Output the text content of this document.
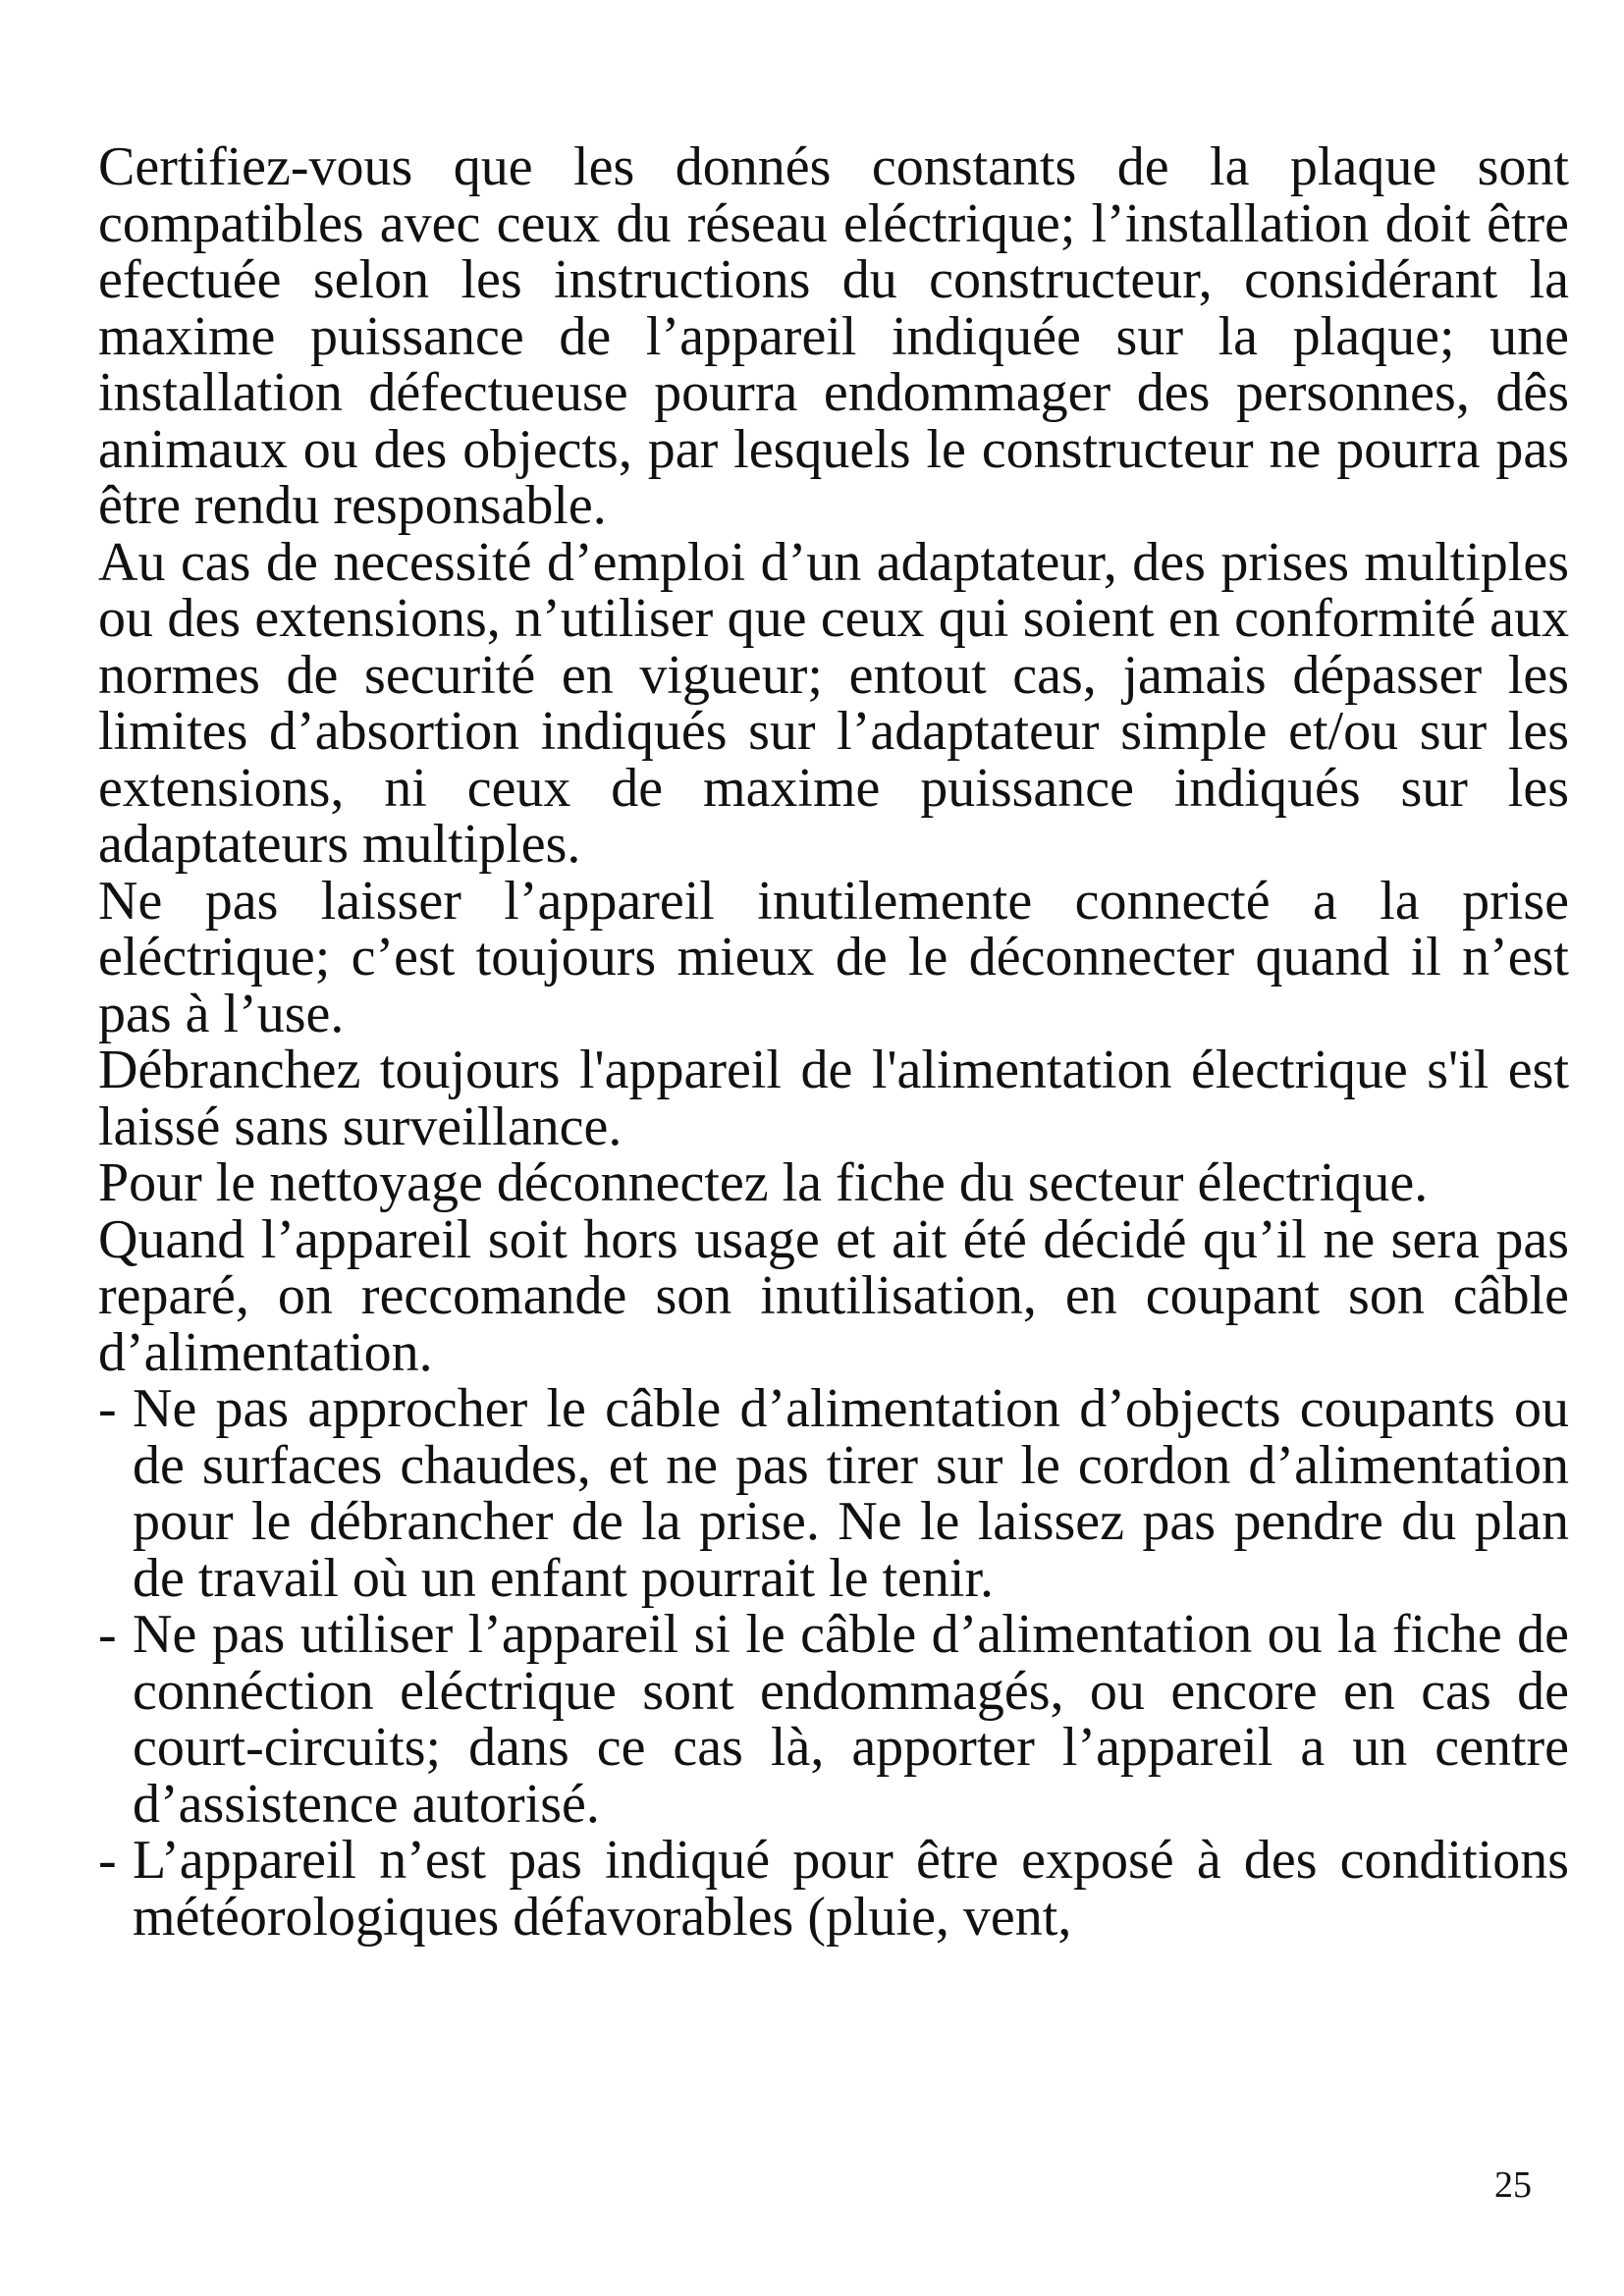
Certifiez-vous que les donnés constants de la plaque sont compatibles avec ceux du réseau eléctrique; l’installation doit être efectuée selon les instructions du constructeur, considérant la maxime puissance de l’appareil indiquée sur la plaque; une installation défectueuse pourra endommager des personnes, dês animaux ou des objects, par lesquels le constructeur ne pourra pas être rendu responsable.

Au cas de necessité d’emploi d’un adaptateur, des prises multiples ou des extensions, n’utiliser que ceux qui soient en conformité aux normes de securité en vigueur; entout cas, jamais dépasser les limites d’absortion indiqués sur l’adaptateur simple et/ou sur les extensions, ni ceux de maxime puissance indiqués sur les adaptateurs multiples.

Ne pas laisser l’appareil inutilemente connecté a la prise eléctrique; c’est toujours mieux de le déconnecter quand il n’est pas à l’use.

Débranchez toujours l'appareil de l'alimentation électrique s'il est laissé sans surveillance.

Pour le nettoyage déconnectez la fiche du secteur électrique.

Quand l’appareil soit hors usage et ait été décidé qu’il ne sera pas reparé, on reccomande son inutilisation, en coupant son câble d’alimentation.

- Ne pas approcher le câble d’alimentation d’objects coupants ou de surfaces chaudes, et ne pas tirer sur le cordon d’alimentation pour le débrancher de la prise. Ne le laissez pas pendre du plan de travail où un enfant pourrait le tenir.
- Ne pas utiliser l’appareil si le câble d’alimentation ou la fiche de connéction eléctrique sont endommagés, ou encore en cas de court-circuits; dans ce cas là, apporter l’appareil a un centre d’assistence autorisé.
- L’appareil n’est pas indiqué pour être exposé à des conditions météorologiques défavorables (pluie, vent,
25
